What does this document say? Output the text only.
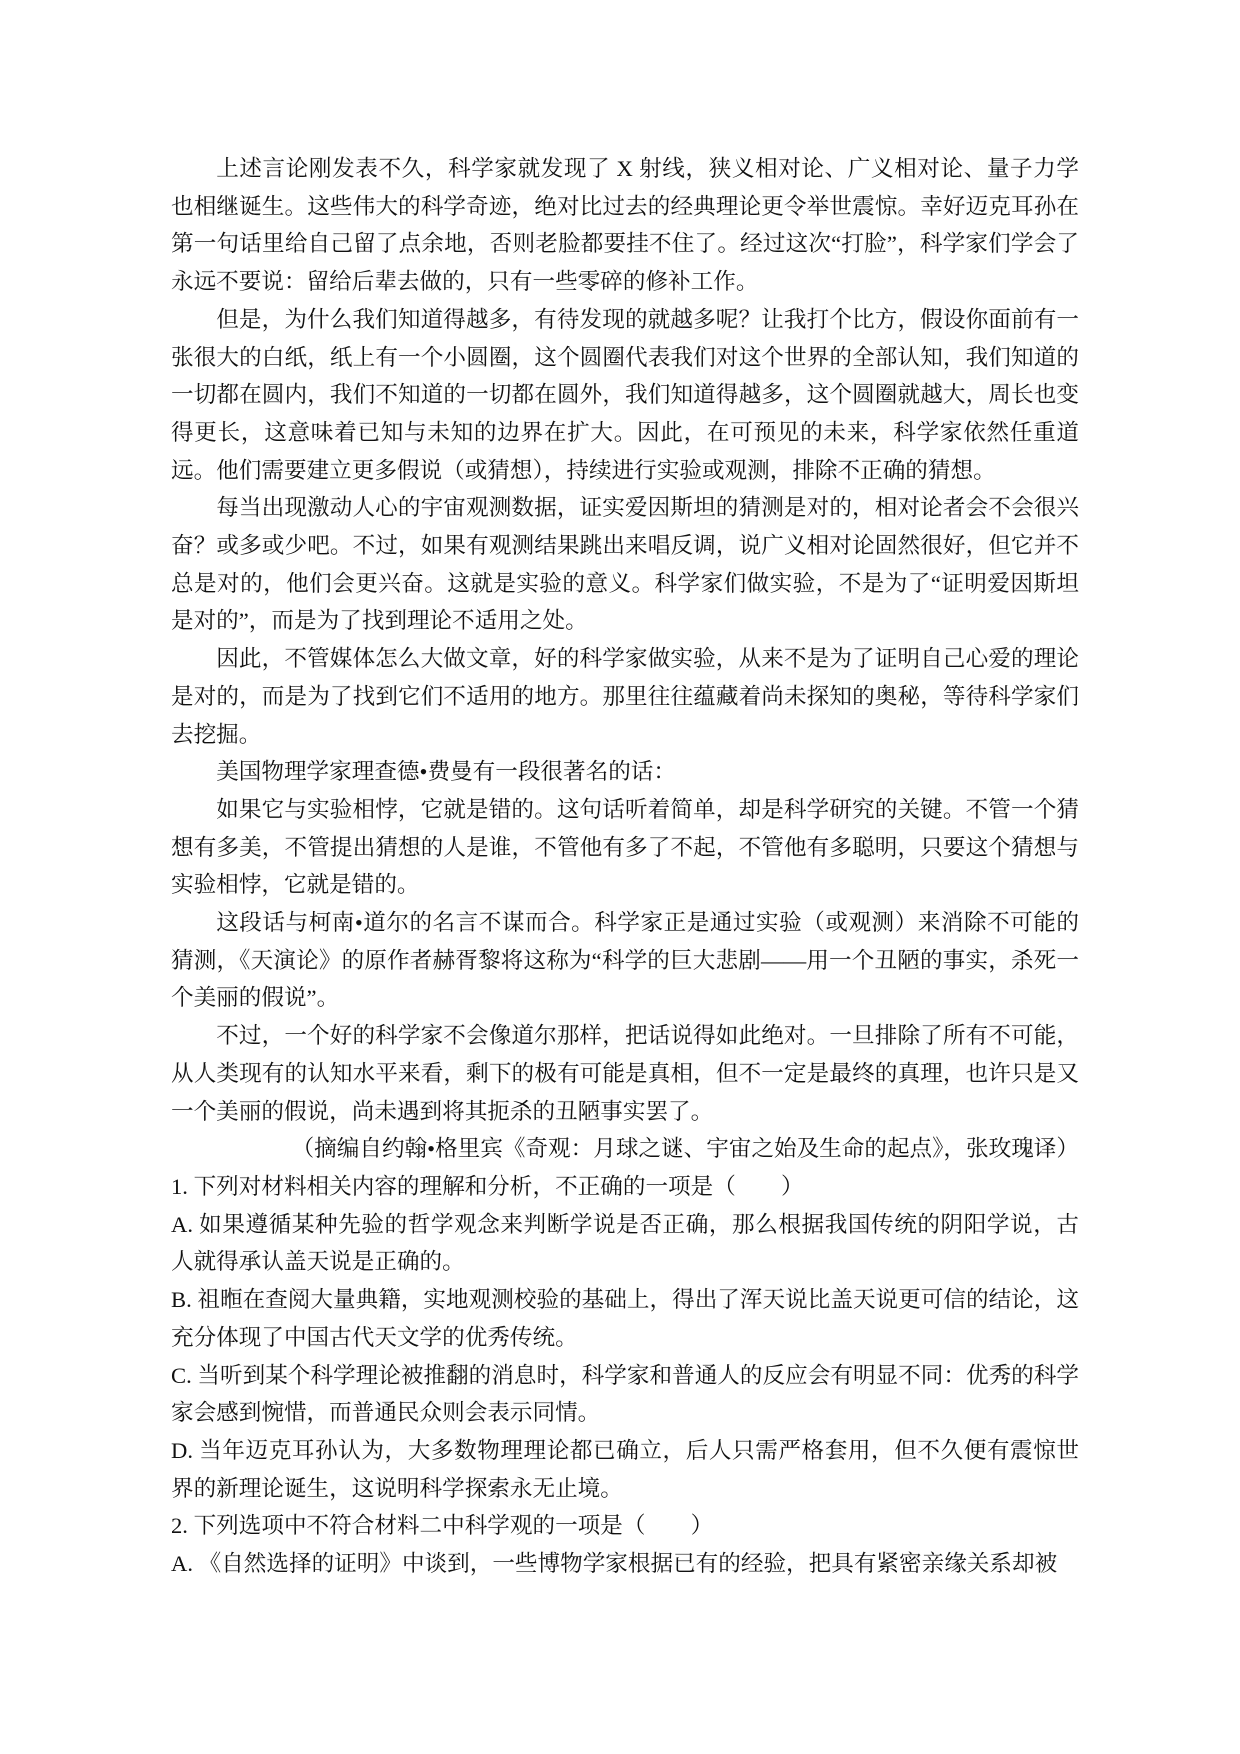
上述言论刚发表不久，科学家就发现了 X 射线，狭义相对论、广义相对论、量子力学也相继诞生。这些伟大的科学奇迹，绝对比过去的经典理论更令举世震惊。幸好迈克耳孙在第一句话里给自己留了点余地，否则老脸都要挂不住了。经过这次“打脸”，科学家们学会了永远不要说：留给后辈去做的，只有一些零碎的修补工作。

但是，为什么我们知道得越多，有待发现的就越多呢？让我打个比方，假设你面前有一张很大的白纸，纸上有一个小圆圈，这个圆圈代表我们对这个世界的全部认知，我们知道的一切都在圆内，我们不知道的一切都在圆外，我们知道得越多，这个圆圈就越大，周长也变得更长，这意味着已知与未知的边界在扩大。因此，在可预见的未来，科学家依然任重道远。他们需要建立更多假说（或猜想），持续进行实验或观测，排除不正确的猜想。

每当出现激动人心的宇宙观测数据，证实爱因斯坦的猜测是对的，相对论者会不会很兴奋？或多或少吧。不过，如果有观测结果跳出来唱反调，说广义相对论固然很好，但它并不总是对的，他们会更兴奋。这就是实验的意义。科学家们做实验，不是为了“证明爱因斯坦是对的”，而是为了找到理论不适用之处。

因此，不管媒体怎么大做文章，好的科学家做实验，从来不是为了证明自己心爱的理论是对的，而是为了找到它们不适用的地方。那里往往蕴藏着尚未探知的奥秘，等待科学家们去挖掘。

美国物理学家理查德•费曼有一段很著名的话：

如果它与实验相悖，它就是错的。这句话听着简单，却是科学研究的关键。不管一个猜想有多美，不管提出猜想的人是谁，不管他有多了不起，不管他有多聪明，只要这个猜想与实验相悖，它就是错的。

这段话与柯南•道尔的名言不谋而合。科学家正是通过实验（或观测）来消除不可能的猜测，《天演论》的原作者赫胥黎将这称为“科学的巨大悲剧——用一个丑陋的事实，杀死一个美丽的假说”。

不过，一个好的科学家不会像道尔那样，把话说得如此绝对。一旦排除了所有不可能，从人类现有的认知水平来看，剩下的极有可能是真相，但不一定是最终的真理，也许只是又一个美丽的假说，尚未遇到将其扼杀的丑陋事实罢了。

（摘编自约翰•格里宾《奇观：月球之谜、宇宙之始及生命的起点》，张玫瑰译）

1. 下列对材料相关内容的理解和分析，不正确的一项是（　　）

A. 如果遵循某种先验的哲学观念来判断学说是否正确，那么根据我国传统的阴阳学说，古人就得承认盖天说是正确的。

B. 祖暅在查阅大量典籍，实地观测校验的基础上，得出了浑天说比盖天说更可信的结论，这充分体现了中国古代天文学的优秀传统。

C. 当听到某个科学理论被推翻的消息时，科学家和普通人的反应会有明显不同：优秀的科学家会感到惋惜，而普通民众则会表示同情。

D. 当年迈克耳孙认为，大多数物理理论都已确立，后人只需严格套用，但不久便有震惊世界的新理论诞生，这说明科学探索永无止境。

2. 下列选项中不符合材料二中科学观的一项是（　　）

A. 《自然选择的证明》中谈到，一些博物学家根据已有的经验，把具有紧密亲缘关系却被
